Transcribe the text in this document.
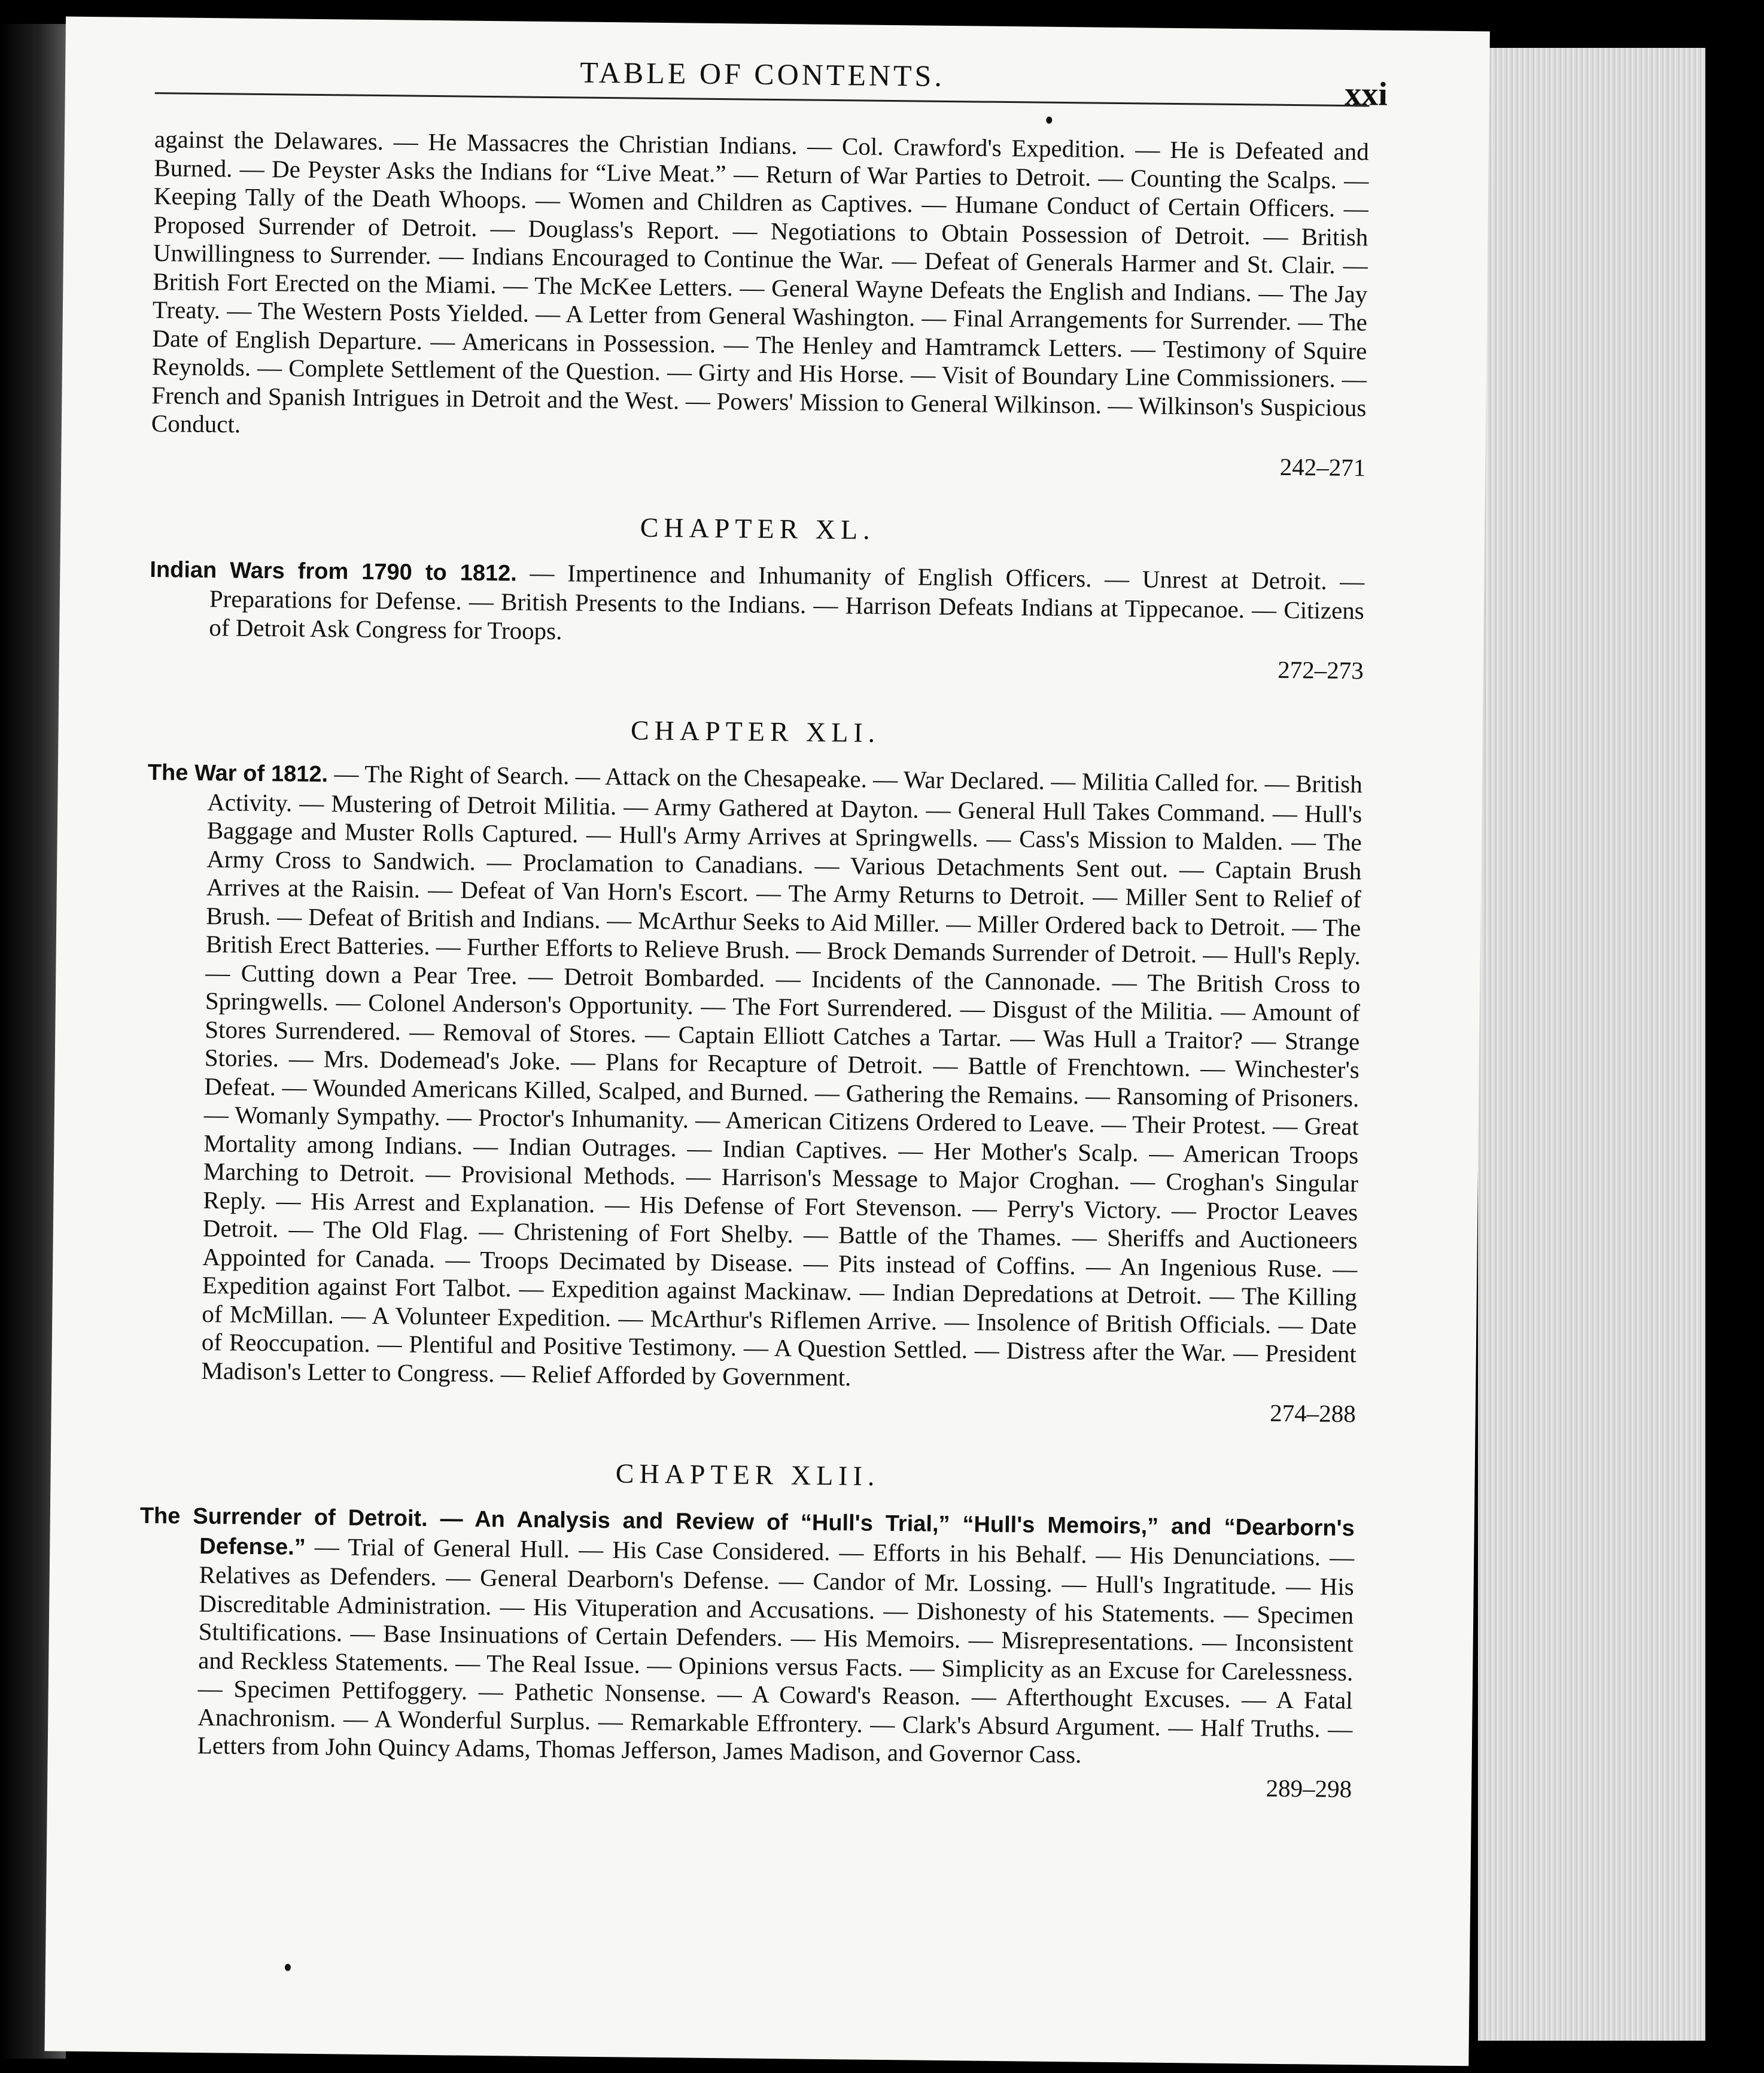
TABLE OF CONTENTS.
xxi
against the Delawares. — He Massacres the Christian Indians. — Col. Crawford's Expedition. — He is Defeated and Burned. — De Peyster Asks the Indians for “Live Meat.” — Return of War Parties to Detroit. — Counting the Scalps. — Keeping Tally of the Death Whoops. — Women and Children as Captives. — Humane Conduct of Certain Officers. — Proposed Surrender of Detroit. — Douglass's Report. — Negotiations to Obtain Possession of Detroit. — British Unwillingness to Surrender. — Indians Encouraged to Continue the War. — Defeat of Generals Harmer and St. Clair. — British Fort Erected on the Miami. — The McKee Letters. — General Wayne Defeats the English and Indians. — The Jay Treaty. — The Western Posts Yielded. — A Letter from General Washington. — Final Arrangements for Surrender. — The Date of English Departure. — Americans in Possession. — The Henley and Hamtramck Letters. — Testimony of Squire Reynolds. — Complete Settlement of the Question. — Girty and His Horse. — Visit of Boundary Line Commissioners. — French and Spanish Intrigues in Detroit and the West. — Powers' Mission to General Wilkinson. — Wilkinson's Suspicious Conduct.
242–271
CHAPTER XL.
Indian Wars from 1790 to 1812. — Impertinence and Inhumanity of English Officers. — Unrest at Detroit. — Preparations for Defense. — British Presents to the Indians. — Harrison Defeats Indians at Tippecanoe. — Citizens of Detroit Ask Congress for Troops.
272–273
CHAPTER XLI.
The War of 1812. — The Right of Search. — Attack on the Chesapeake. — War Declared. — Militia Called for. — British Activity. — Mustering of Detroit Militia. — Army Gathered at Dayton. — General Hull Takes Command. — Hull's Baggage and Muster Rolls Captured. — Hull's Army Arrives at Springwells. — Cass's Mission to Malden. — The Army Cross to Sandwich. — Proclamation to Canadians. — Various Detachments Sent out. — Captain Brush Arrives at the Raisin. — Defeat of Van Horn's Escort. — The Army Returns to Detroit. — Miller Sent to Relief of Brush. — Defeat of British and Indians. — McArthur Seeks to Aid Miller. — Miller Ordered back to Detroit. — The British Erect Batteries. — Further Efforts to Relieve Brush. — Brock Demands Surrender of Detroit. — Hull's Reply. — Cutting down a Pear Tree. — Detroit Bombarded. — Incidents of the Cannonade. — The British Cross to Springwells. — Colonel Anderson's Opportunity. — The Fort Surrendered. — Disgust of the Militia. — Amount of Stores Surrendered. — Removal of Stores. — Captain Elliott Catches a Tartar. — Was Hull a Traitor? — Strange Stories. — Mrs. Dodemead's Joke. — Plans for Recapture of Detroit. — Battle of Frenchtown. — Winchester's Defeat. — Wounded Americans Killed, Scalped, and Burned. — Gathering the Remains. — Ransoming of Prisoners. — Womanly Sympathy. — Proctor's Inhumanity. — American Citizens Ordered to Leave. — Their Protest. — Great Mortality among Indians. — Indian Outrages. — Indian Captives. — Her Mother's Scalp. — American Troops Marching to Detroit. — Provisional Methods. — Harrison's Message to Major Croghan. — Croghan's Singular Reply. — His Arrest and Explanation. — His Defense of Fort Stevenson. — Perry's Victory. — Proctor Leaves Detroit. — The Old Flag. — Christening of Fort Shelby. — Battle of the Thames. — Sheriffs and Auctioneers Appointed for Canada. — Troops Decimated by Disease. — Pits instead of Coffins. — An Ingenious Ruse. — Expedition against Fort Talbot. — Expedition against Mackinaw. — Indian Depredations at Detroit. — The Killing of McMillan. — A Volunteer Expedition. — McArthur's Riflemen Arrive. — Insolence of British Officials. — Date of Reoccupation. — Plentiful and Positive Testimony. — A Question Settled. — Distress after the War. — President Madison's Letter to Congress. — Relief Afforded by Government.
274–288
CHAPTER XLII.
The Surrender of Detroit. — An Analysis and Review of “Hull's Trial,” “Hull's Memoirs,” and “Dearborn's Defense.” — Trial of General Hull. — His Case Considered. — Efforts in his Behalf. — His Denunciations. — Relatives as Defenders. — General Dearborn's Defense. — Candor of Mr. Lossing. — Hull's Ingratitude. — His Discreditable Administration. — His Vituperation and Accusations. — Dishonesty of his Statements. — Specimen Stultifications. — Base Insinuations of Certain Defenders. — His Memoirs. — Misrepresentations. — Inconsistent and Reckless Statements. — The Real Issue. — Opinions versus Facts. — Simplicity as an Excuse for Carelessness. — Specimen Pettifoggery. — Pathetic Nonsense. — A Coward's Reason. — Afterthought Excuses. — A Fatal Anachronism. — A Wonderful Surplus. — Remarkable Effrontery. — Clark's Absurd Argument. — Half Truths. — Letters from John Quincy Adams, Thomas Jefferson, James Madison, and Governor Cass.
289–298
